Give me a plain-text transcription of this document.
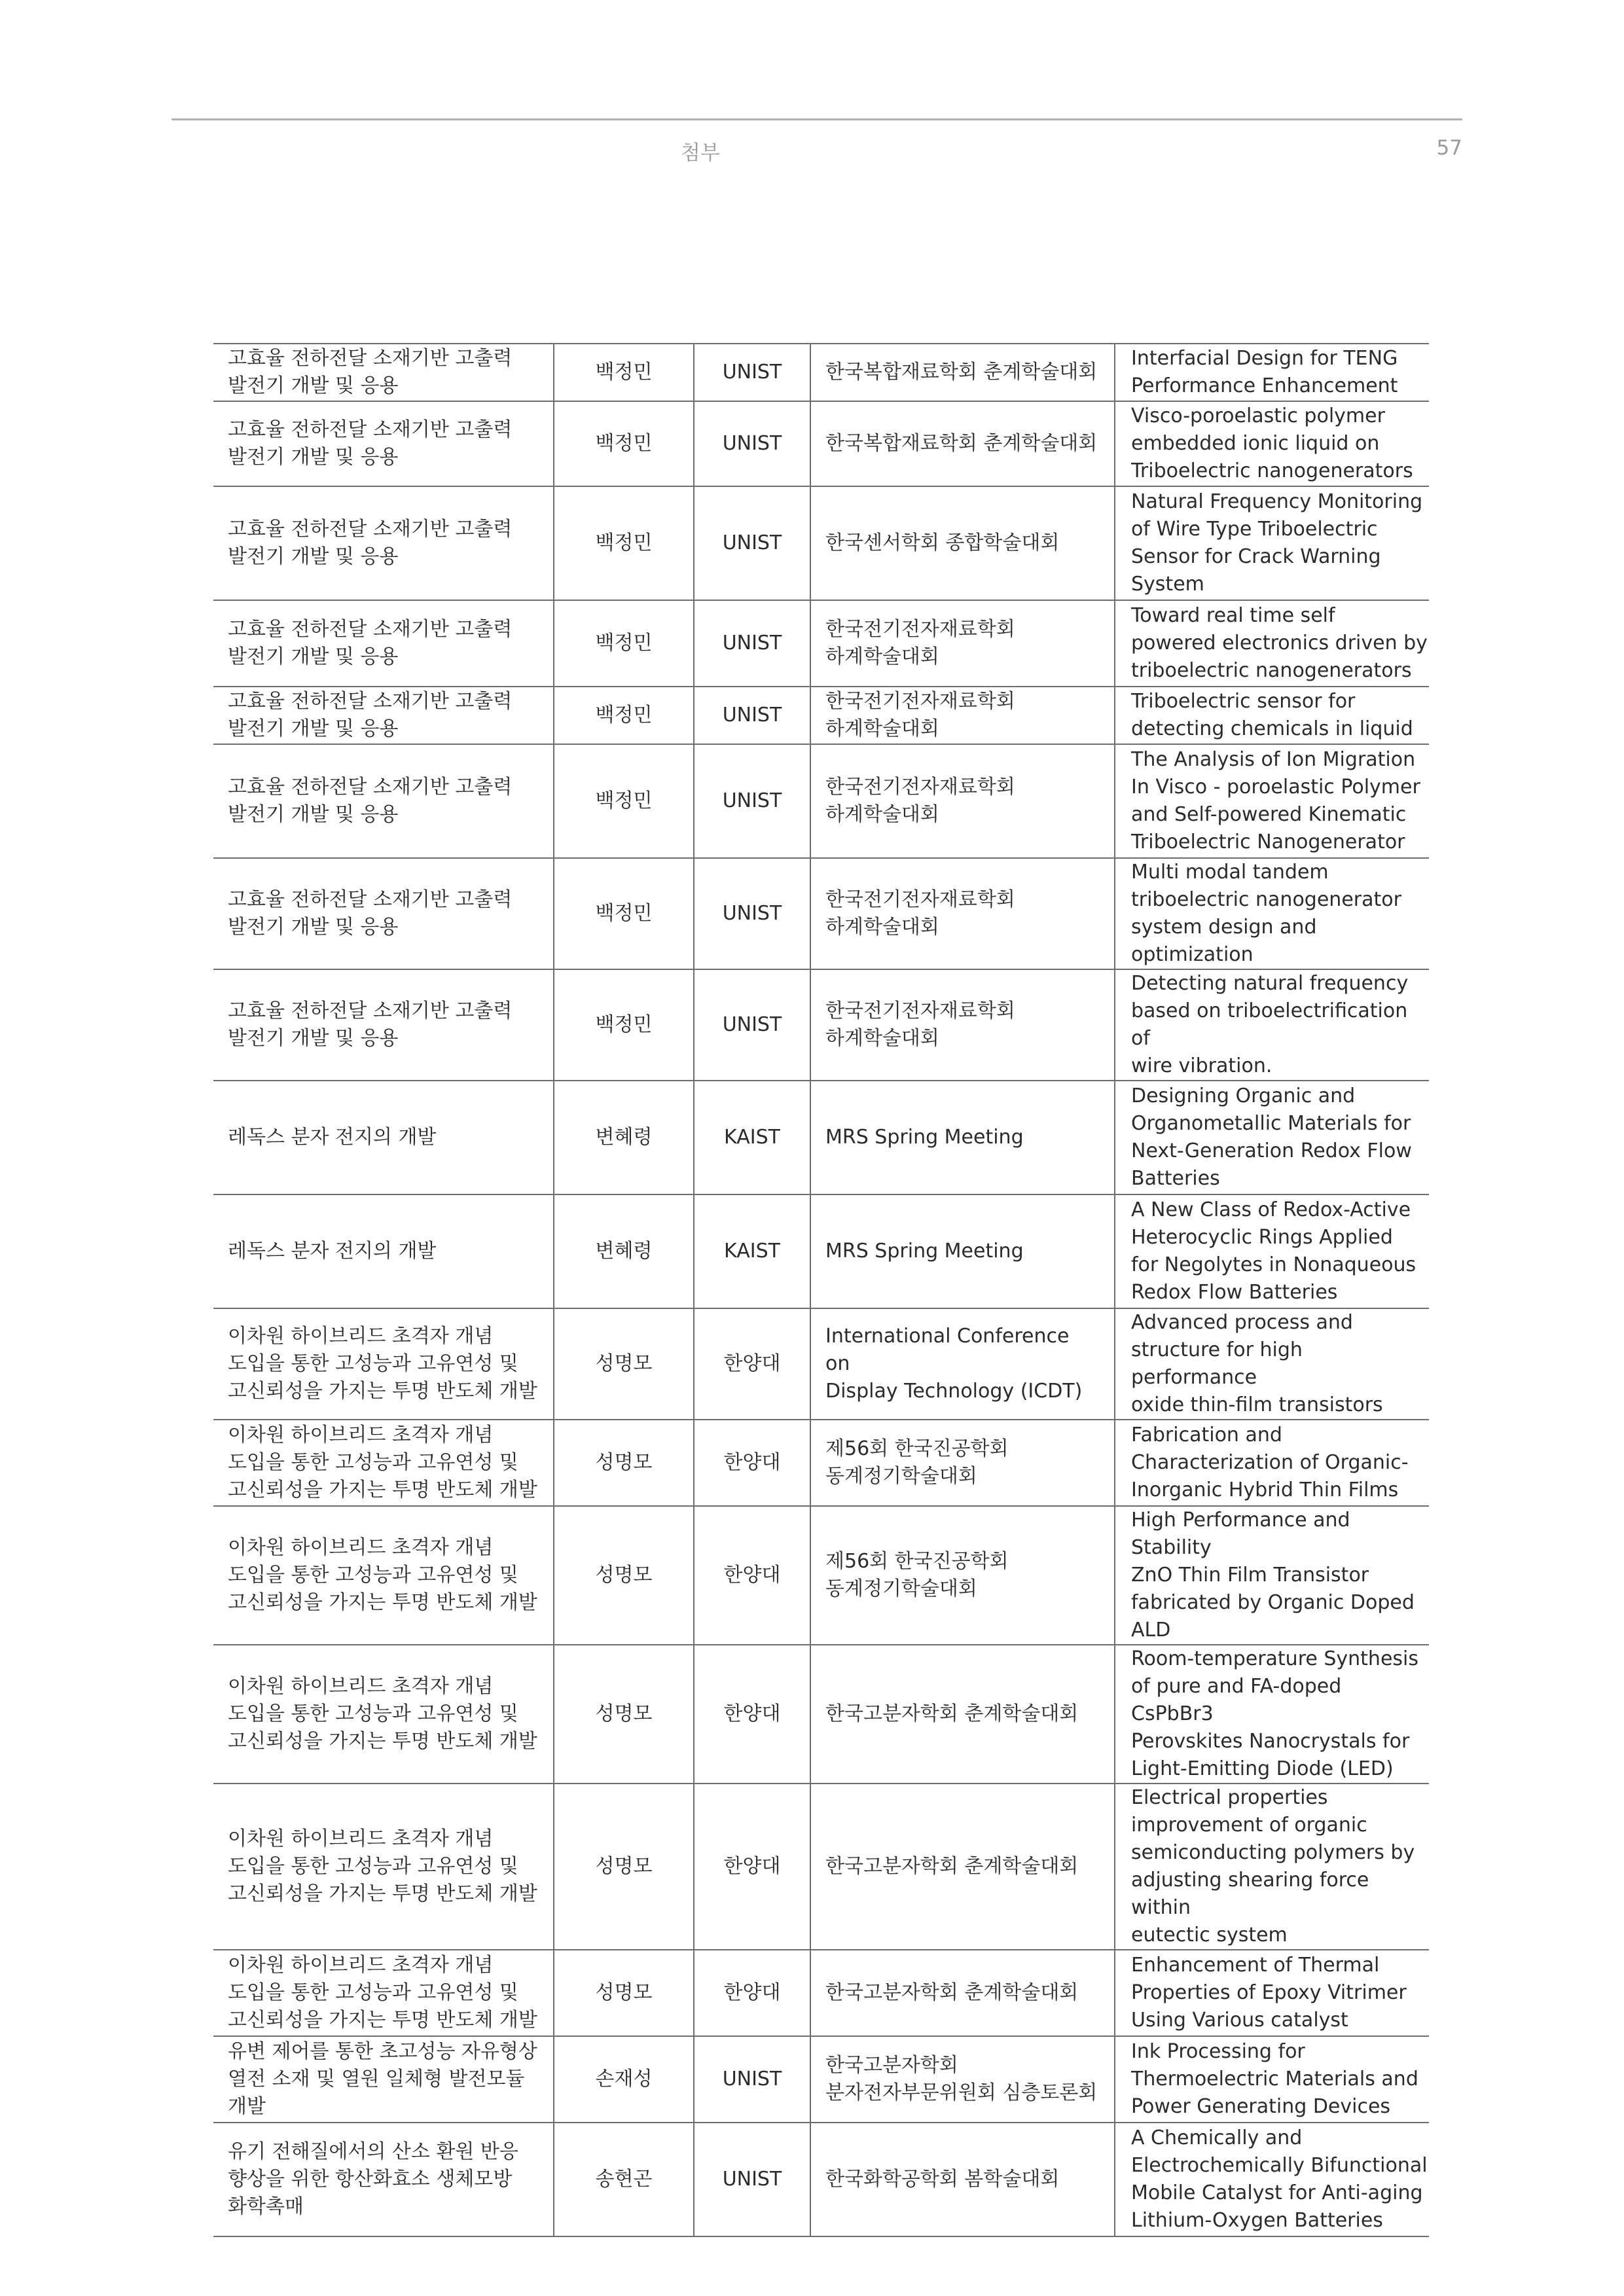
첨부	57
고효율 전하전달 소재기반 고출력
발전기 개발 및 응용	백정민	UNIST	한국복합재료학회 춘계학술대회	Interfacial Design for TENG
Performance Enhancement
고효율 전하전달 소재기반 고출력
발전기 개발 및 응용	백정민	UNIST	한국복합재료학회 춘계학술대회	Visco-poroelastic polymer
embedded ionic liquid on
Triboelectric nanogenerators
고효율 전하전달 소재기반 고출력
발전기 개발 및 응용	백정민	UNIST	한국센서학회 종합학술대회	Natural Frequency Monitoring
of Wire Type Triboelectric
Sensor for Crack Warning
System
고효율 전하전달 소재기반 고출력
발전기 개발 및 응용	백정민	UNIST	한국전기전자재료학회
하계학술대회	Toward real time self
powered electronics driven by
triboelectric nanogenerators
고효율 전하전달 소재기반 고출력
발전기 개발 및 응용	백정민	UNIST	한국전기전자재료학회
하계학술대회	Triboelectric sensor for
detecting chemicals in liquid
고효율 전하전달 소재기반 고출력
발전기 개발 및 응용	백정민	UNIST	한국전기전자재료학회
하계학술대회	The Analysis of Ion Migration
In Visco - poroelastic Polymer
and Self-powered Kinematic
Triboelectric Nanogenerator
고효율 전하전달 소재기반 고출력
발전기 개발 및 응용	백정민	UNIST	한국전기전자재료학회
하계학술대회	Multi modal tandem
triboelectric nanogenerator
system design and optimization
고효율 전하전달 소재기반 고출력
발전기 개발 및 응용	백정민	UNIST	한국전기전자재료학회
하계학술대회	Detecting natural frequency
based on triboelectrification of
wire vibration.
레독스 분자 전지의 개발	변혜령	KAIST	MRS Spring Meeting	Designing Organic and
Organometallic Materials for
Next-Generation Redox Flow
Batteries
레독스 분자 전지의 개발	변혜령	KAIST	MRS Spring Meeting	A New Class of Redox-Active
Heterocyclic Rings Applied
for Negolytes in Nonaqueous
Redox Flow Batteries
이차원 하이브리드 초격자 개념
도입을 통한 고성능과 고유연성 및
고신뢰성을 가지는 투명 반도체 개발	성명모	한양대	International Conference on
Display Technology (ICDT)	Advanced process and
structure for high performance
oxide thin-film transistors
이차원 하이브리드 초격자 개념
도입을 통한 고성능과 고유연성 및
고신뢰성을 가지는 투명 반도체 개발	성명모	한양대	제56회 한국진공학회
동계정기학술대회	Fabrication and
Characterization of Organic-
Inorganic Hybrid Thin Films
이차원 하이브리드 초격자 개념
도입을 통한 고성능과 고유연성 및
고신뢰성을 가지는 투명 반도체 개발	성명모	한양대	제56회 한국진공학회
동계정기학술대회	High Performance and Stability
ZnO Thin Film Transistor
fabricated by Organic Doped
ALD
이차원 하이브리드 초격자 개념
도입을 통한 고성능과 고유연성 및
고신뢰성을 가지는 투명 반도체 개발	성명모	한양대	한국고분자학회 춘계학술대회	Room-temperature Synthesis
of pure and FA-doped CsPbBr3
Perovskites Nanocrystals for
Light-Emitting Diode (LED)
이차원 하이브리드 초격자 개념
도입을 통한 고성능과 고유연성 및
고신뢰성을 가지는 투명 반도체 개발	성명모	한양대	한국고분자학회 춘계학술대회	Electrical properties
improvement of organic
semiconducting polymers by
adjusting shearing force within
eutectic system
이차원 하이브리드 초격자 개념
도입을 통한 고성능과 고유연성 및
고신뢰성을 가지는 투명 반도체 개발	성명모	한양대	한국고분자학회 춘계학술대회	Enhancement of Thermal
Properties of Epoxy Vitrimer
Using Various catalyst
유변 제어를 통한 초고성능 자유형상
열전 소재 및 열원 일체형 발전모듈
개발	손재성	UNIST	한국고분자학회
분자전자부문위원회 심층토론회	Ink Processing for
Thermoelectric Materials and
Power Generating Devices
유기 전해질에서의 산소 환원 반응
향상을 위한 항산화효소 생체모방
화학촉매	송현곤	UNIST	한국화학공학회 봄학술대회	A Chemically and
Electrochemically Bifunctional
Mobile Catalyst for Anti-aging
Lithium-Oxygen Batteries
